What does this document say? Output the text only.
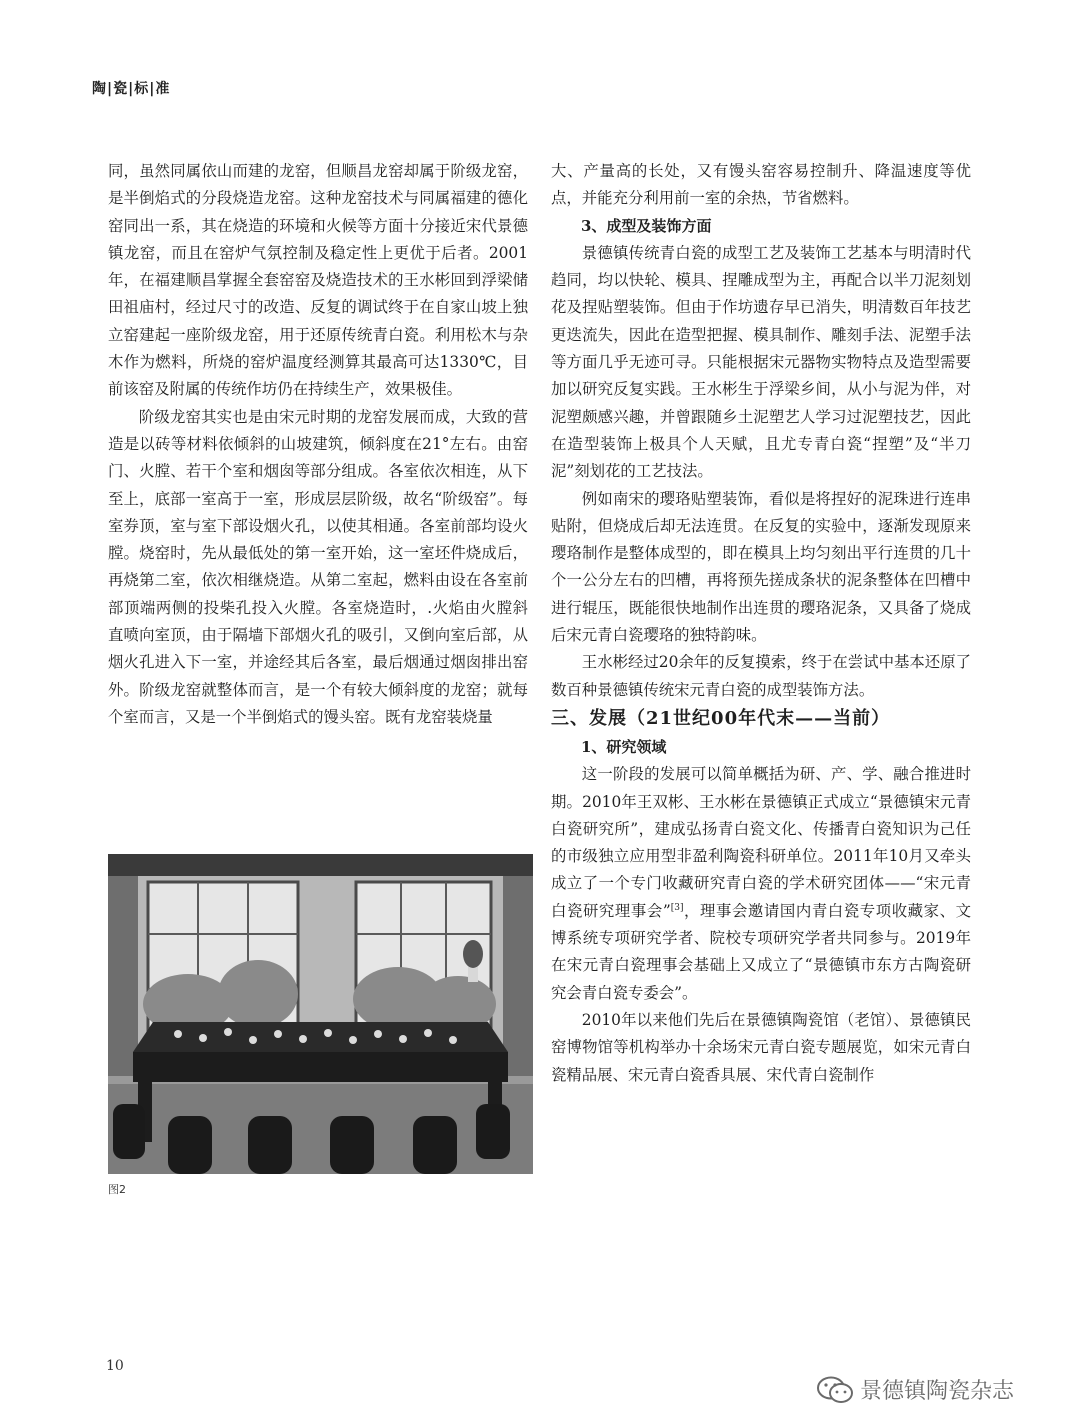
陶|瓷|标|准

同，虽然同属依山而建的龙窑，但顺昌龙窑却属于阶级龙窑，是半倒焰式的分段烧造龙窑。这种龙窑技术与同属福建的德化窑同出一系，其在烧造的环境和火候等方面十分接近宋代景德镇龙窑，而且在窑炉气氛控制及稳定性上更优于后者。2001年，在福建顺昌掌握全套窑窑及烧造技术的王水彬回到浮梁储田祖庙村，经过尺寸的改造、反复的调试终于在自家山坡上独立窑建起一座阶级龙窑，用于还原传统青白瓷。利用松木与杂木作为燃料，所烧的窑炉温度经测算其最高可达1330℃，目前该窑及附属的传统作坊仍在持续生产，效果极佳。

阶级龙窑其实也是由宋元时期的龙窑发展而成，大致的营造是以砖等材料依倾斜的山坡建筑，倾斜度在21°左右。由窑门、火膛、若干个室和烟囱等部分组成。各室依次相连，从下至上，底部一室高于一室，形成层层阶级，故名“阶级窑”。每室券顶，室与室下部设烟火孔，以使其相通。各室前部均设火膛。烧窑时，先从最低处的第一室开始，这一室坯件烧成后，再烧第二室，依次相继烧造。从第二室起，燃料由设在各室前部顶端两侧的投柴孔投入火膛。各室烧造时，.火焰由火膛斜直喷向室顶，由于隔墙下部烟火孔的吸引，又倒向室后部，从烟火孔进入下一室，并途经其后各室，最后烟通过烟囱排出窑外。阶级龙窑就整体而言，是一个有较大倾斜度的龙窑；就每个室而言，又是一个半倒焰式的馒头窑。既有龙窑装烧量

大、产量高的长处，又有馒头窑容易控制升、降温速度等优点，并能充分利用前一室的余热，节省燃料。

3、成型及装饰方面

景德镇传统青白瓷的成型工艺及装饰工艺基本与明清时代趋同，均以快轮、模具、捏雕成型为主，再配合以半刀泥刻划花及捏贴塑装饰。但由于作坊遗存早已消失，明清数百年技艺更迭流失，因此在造型把握、模具制作、雕刻手法、泥塑手法等方面几乎无迹可寻。只能根据宋元器物实物特点及造型需要加以研究反复实践。王水彬生于浮梁乡间，从小与泥为伴，对泥塑颇感兴趣，并曾跟随乡土泥塑艺人学习过泥塑技艺，因此在造型装饰上极具个人天赋，且尤专青白瓷“捏塑”及“半刀泥”刻划花的工艺技法。

例如南宋的璎珞贴塑装饰，看似是将捏好的泥珠进行连串贴附，但烧成后却无法连贯。在反复的实验中，逐渐发现原来璎珞制作是整体成型的，即在模具上均匀刻出平行连贯的几十个一公分左右的凹槽，再将预先搓成条状的泥条整体在凹槽中进行辊压，既能很快地制作出连贯的璎珞泥条，又具备了烧成后宋元青白瓷璎珞的独特韵味。

王水彬经过20余年的反复摸索，终于在尝试中基本还原了数百种景德镇传统宋元青白瓷的成型装饰方法。

三、发展（21世纪00年代末——当前）

1、研究领域

这一阶段的发展可以简单概括为研、产、学、融合推进时期。2010年王双彬、王水彬在景德镇正式成立“景德镇宋元青白瓷研究所”，建成弘扬青白瓷文化、传播青白瓷知识为己任的市级独立应用型非盈利陶瓷科研单位。2011年10月又牵头成立了一个专门收藏研究青白瓷的学术研究团体——“宋元青白瓷研究理事会”[3]，理事会邀请国内青白瓷专项收藏家、文博系统专项研究学者、院校专项研究学者共同参与。2019年在宋元青白瓷理事会基础上又成立了“景德镇市东方古陶瓷研究会青白瓷专委会”。

2010年以来他们先后在景德镇陶瓷馆（老馆）、景德镇民窑博物馆等机构举办十余场宋元青白瓷专题展览，如宋元青白瓷精品展、宋元青白瓷香具展、宋代青白瓷制作

图2
10
景德镇陶瓷杂志
